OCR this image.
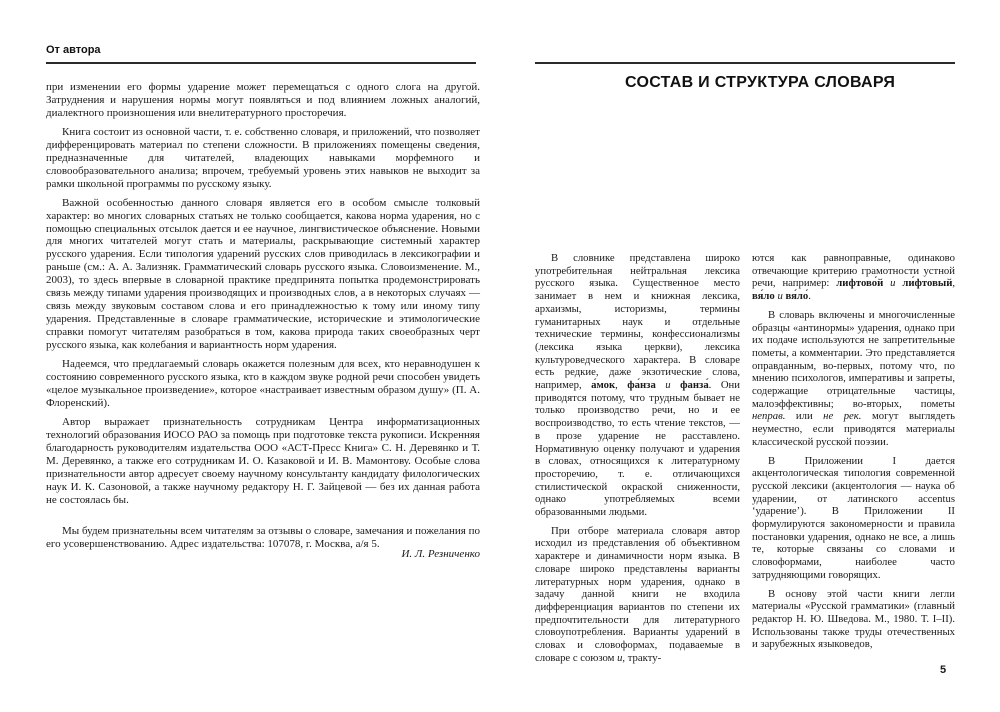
От автора

при изменении его формы ударение может перемещаться с одного слога на другой. Затруднения и нарушения нормы могут появляться и под влиянием ложных аналогий, диалектного произношения или внелитературного просторечия.

Книга состоит из основной части, т. е. собственно словаря, и приложений, что позволяет дифференцировать материал по степени сложности. В приложениях помещены сведения, предназначенные для читателей, владеющих навыками морфемного и словообразовательного анализа; впрочем, требуемый уровень этих навыков не выходит за рамки школьной программы по русскому языку.

Важной особенностью данного словаря является его в особом смысле толковый характер: во многих словарных статьях не только сообщается, какова норма ударения, но с помощью специальных отсылок дается и ее научное, лингвистическое объяснение. Новыми для многих читателей могут стать и материалы, раскрывающие системный характер русского ударения. Если типология ударений русских слов приводилась в лексикографии и раньше (см.: А. А. Зализняк. Грамматический словарь русского языка. Словоизменение. М., 2003), то здесь впервые в словарной практике предпринята попытка продемонстрировать связь между типами ударения производящих и производных слов, а в некоторых случаях — связь между звуковым составом слова и его принадлежностью к тому или иному типу ударения. Представленные в словаре грамматические, исторические и этимологические справки помогут читателям разобраться в том, какова природа таких своеобразных черт русского языка, как колебания и вариантность норм ударения.

Надеемся, что предлагаемый словарь окажется полезным для всех, кто неравнодушен к состоянию современного русского языка, кто в каждом звуке родной речи способен увидеть «целое музыкальное произведение», которое «настраивает известным образом душу» (П. А. Флоренский).

Автор выражает признательность сотрудникам Центра информатизационных технологий образования ИОСО РАО за помощь при подготовке текста рукописи. Искренняя благодарность руководителям издательства ООО «АСТ-Пресс Книга» С. Н. Деревянко и Т. М. Деревянко, а также его сотрудникам И. О. Казаковой и И. В. Мамонтову. Особые слова признательности автор адресует своему научному консультанту кандидату филологических наук И. К. Сазоновой, а также научному редактору Н. Г. Зайцевой — без их данная работа не состоялась бы.

Мы будем признательны всем читателям за отзывы о словаре, замечания и пожелания по его усовершенствованию. Адрес издательства: 107078, г. Москва, а/я 5.

И. Л. Резниченко
СОСТАВ И СТРУКТУРА СЛОВАРЯ

В словнике представлена широко употребительная нейтральная лексика русского языка. Существенное место занимает в нем и книжная лексика, архаизмы, историзмы, термины гуманитарных наук и отдельные технические термины, конфессионализмы (лексика языка церкви), лексика культуроведческого характера. В словаре есть редкие, даже экзотические слова, например, а́мок, фа́нза и фанза́. Они приводятся потому, что трудным бывает не только производство речи, но и ее воспроизводство, то есть чтение текстов, — в прозе ударение не расставлено. Нормативную оценку получают и ударения в словах, относящихся к литературному просторечию, т. е. отличающихся стилистической окраской сниженности, однако употребляемых всеми образованными людьми.

При отборе материала словаря автор исходил из представления об объективном характере и динамичности норм языка. В словаре широко представлены варианты литературных норм ударения, однако в задачу данной книги не входила дифференциация вариантов по степени их предпочтительности для литературного словоупотребления. Варианты ударений в словах и словоформах, подаваемые в словаре с союзом и, тракту-

ются как равноправные, одинаково отвечающие критерию грамотности устной речи, например: лифтово́й и ли́фтовый, вя́ло и вя́ло́.

В словарь включены и многочисленные образцы «антинормы» ударения, однако при их подаче используются не запретительные пометы, а комментарии. Это представляется оправданным, во-первых, потому что, по мнению психологов, императивы и запреты, содержащие отрицательные частицы, малоэффективны; во-вторых, пометы неправ. или не рек. могут выглядеть неуместно, если приводятся материалы классической русской поэзии.

В Приложении I дается акцентологическая типология современной русской лексики (акцентология — наука об ударении, от латинского accentus ‘ударение’). В Приложении II формулируются закономерности и правила постановки ударения, однако не все, а лишь те, которые связаны со словами и словоформами, наиболее часто затрудняющими говорящих.

В основу этой части книги легли материалы «Русской грамматики» (главный редактор Н. Ю. Шведова. М., 1980. Т. I–II). Использованы также труды отечественных и зарубежных языковедов,

5
